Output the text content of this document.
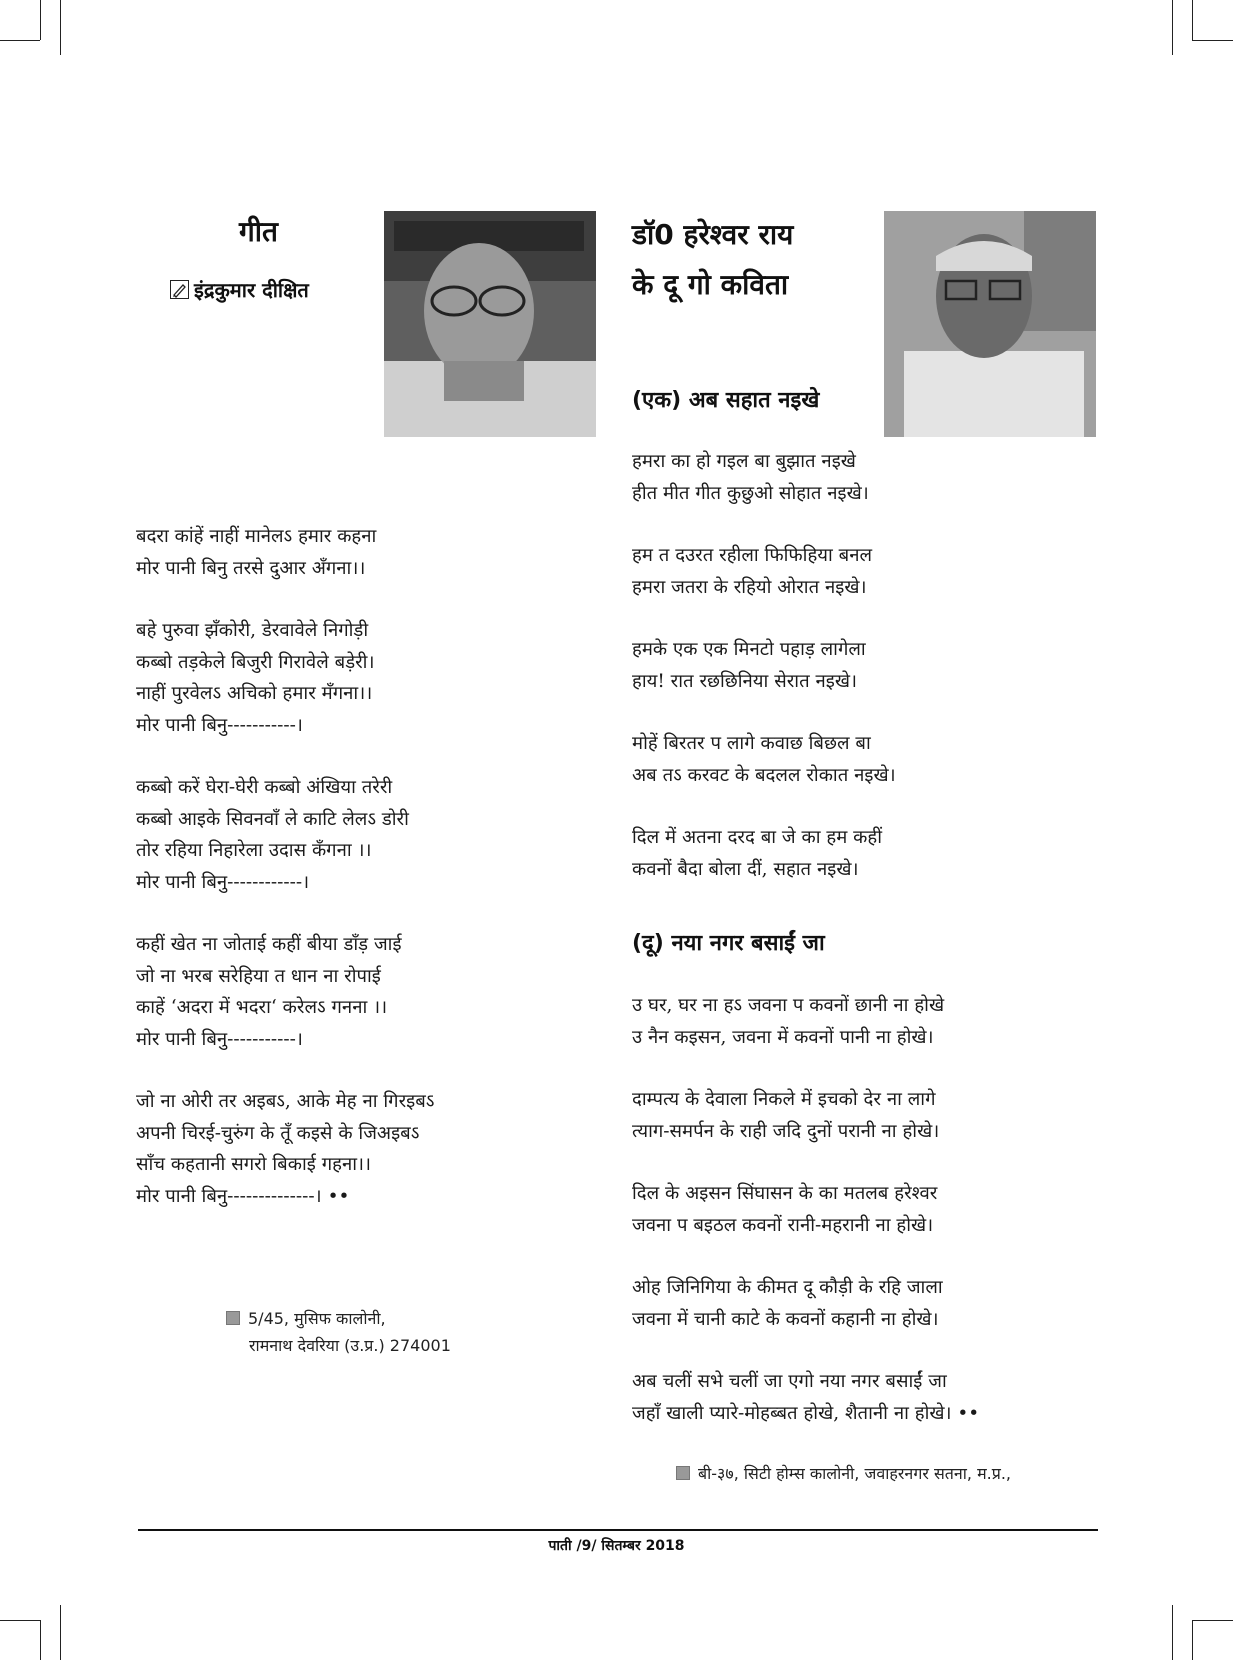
गीत
इंद्रकुमार दीक्षित
बदरा कांहें नाहीं मानेलऽ हमार कहना
मोर पानी बिनु तरसे दुआर अँगना।।
बहे पुरुवा झँकोरी, डेरवावेले निगोड़ी
कब्बो तड़केले बिजुरी गिरावेले बड़ेरी।
नाहीं पुरवेलऽ अचिको हमार मँगना।।
मोर पानी बिनु-----------।
कब्बो करें घेरा-घेरी कब्बो अंखिया तरेरी
कब्बो आइके सिवनवाँ ले काटि लेलऽ डोरी
तोर रहिया निहारेला उदास कँगना ।।
मोर पानी बिनु------------।
कहीं खेत ना जोताई कहीं बीया डाँड़ जाई
जो ना भरब सरेहिया त धान ना रोपाई
काहें ‘अदरा में भदरा‘ करेलऽ गनना ।।
मोर पानी बिनु-----------।
जो ना ओरी तर अइबऽ, आके मेह ना गिरइबऽ
अपनी चिरई-चुरुंग के तूँ कइसे के जिअइबऽ
साँच कहतानी सगरो बिकाई गहना।।
मोर पानी बिनु--------------। ••
5/45, मुसिफ कालोनी,
रामनाथ देवरिया (उ.प्र.) 274001
डॉ0 हरेश्वर राय
के दू गो कविता
(एक) अब सहात नइखे
हमरा का हो गइल बा बुझात नइखे
हीत मीत गीत कुछुओ सोहात नइखे।
हम त दउरत रहीला फिफिहिया बनल
हमरा जतरा के रहियो ओरात नइखे।
हमके एक एक मिनटो पहाड़ लागेला
हाय! रात रछछिनिया सेरात नइखे।
मोहें बिरतर प लागे कवाछ बिछल बा
अब तऽ करवट के बदलल रोकात नइखे।
दिल में अतना दरद बा जे का हम कहीं
कवनों बैदा बोला दीं, सहात नइखे।
(दू) नया नगर बसाईं जा
उ घर, घर ना हऽ जवना प कवनों छानी ना होखे
उ नैन कइसन, जवना में कवनों पानी ना होखे।
दाम्पत्य के देवाला निकले में इचको देर ना लागे
त्याग-समर्पन के राही जदि दुनों परानी ना होखे।
दिल के अइसन सिंघासन के का मतलब हरेश्वर
जवना प बइठल कवनों रानी-महरानी ना होखे।
ओह जिनिगिया के कीमत दू कौड़ी के रहि जाला
जवना में चानी काटे के कवनों कहानी ना होखे।
अब चलीं सभे चलीं जा एगो नया नगर बसाईं जा
जहाँ खाली प्यारे-मोहब्बत होखे, शैतानी ना होखे। ••
बी-३७, सिटी होम्स कालोनी, जवाहरनगर सतना, म.प्र.,
पाती /9/ सितम्बर 2018
